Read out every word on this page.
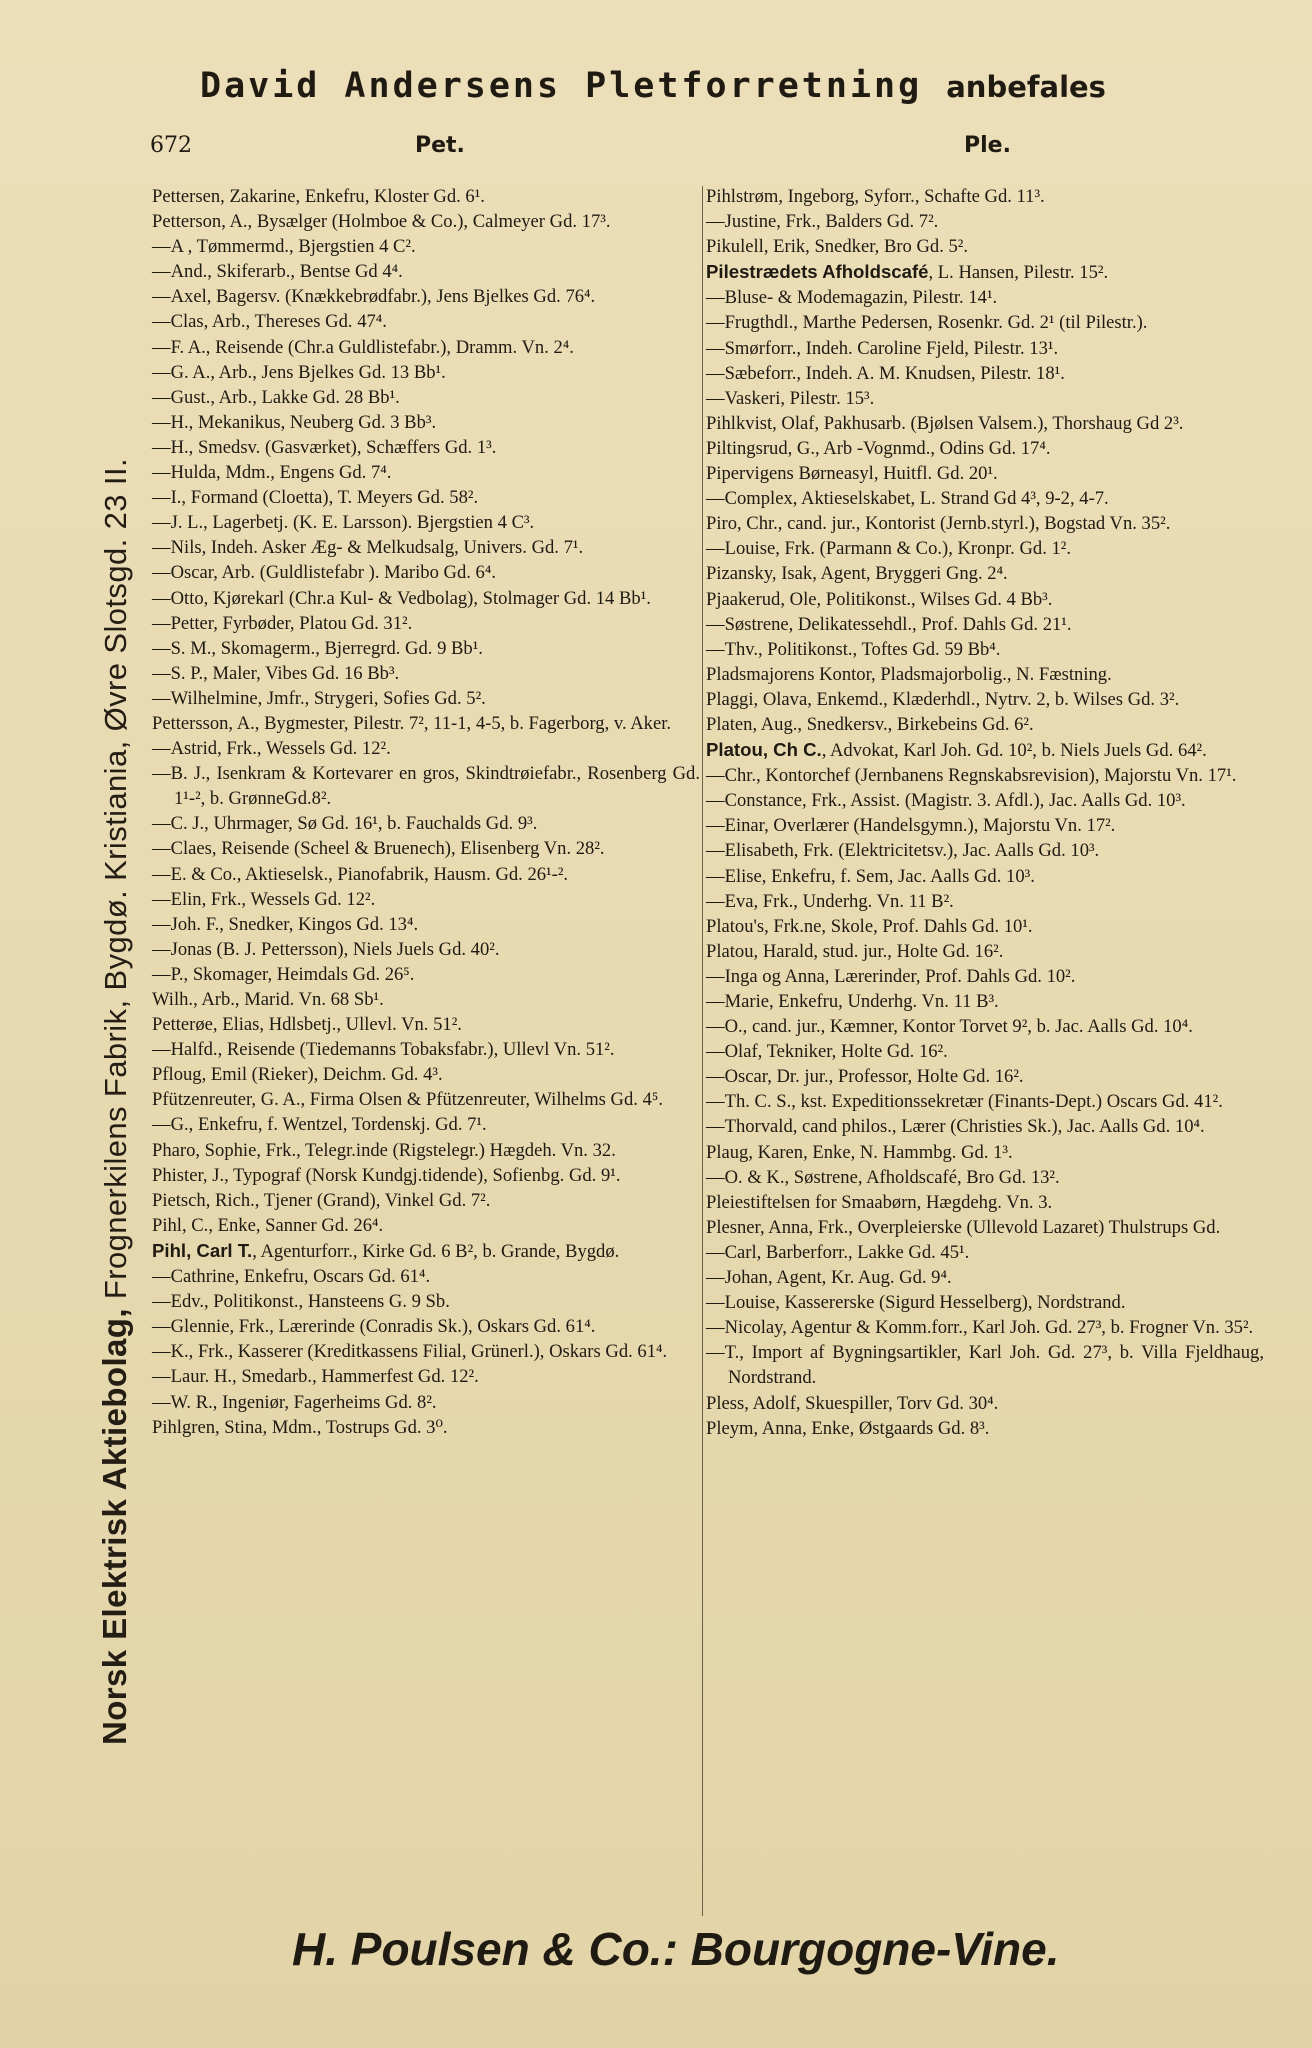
David Andersens Pletforretning anbefales
672	Pet.	Ple.
Norsk Elektrisk Aktiebolag, Frognerkilens Fabrik, Bygdø. Kristiania, Øvre Slotsgd. 23 II.
Pettersen, Zakarine, Enkefru, Kloster Gd. 6¹.
Petterson, A., Bysælger (Holmboe & Co.), Calmeyer Gd. 17³.
—A , Tømmermd., Bjergstien 4 C².
—And., Skiferarb., Bentse Gd 4⁴.
—Axel, Bagersv. (Knækkebrødfabr.), Jens Bjelkes Gd. 76⁴.
—Clas, Arb., Thereses Gd. 47⁴.
—F. A., Reisende (Chr.a Guldlistefabr.), Dramm. Vn. 2⁴.
—G. A., Arb., Jens Bjelkes Gd. 13 Bb¹.
—Gust., Arb., Lakke Gd. 28 Bb¹.
—H., Mekanikus, Neuberg Gd. 3 Bb³.
—H., Smedsv. (Gasværket), Schæffers Gd. 1³.
—Hulda, Mdm., Engens Gd. 7⁴.
—I., Formand (Cloetta), T. Meyers Gd. 58².
—J. L., Lagerbetj. (K. E. Larsson). Bjergstien 4 C³.
—Nils, Indeh. Asker Æg- & Melkudsalg, Univers. Gd. 7¹.
—Oscar, Arb. (Guldlistefabr ). Maribo Gd. 6⁴.
—Otto, Kjørekarl (Chr.a Kul- & Vedbolag), Stolmager Gd. 14 Bb¹.
—Petter, Fyrbøder, Platou Gd. 31².
—S. M., Skomagerm., Bjerregrd. Gd. 9 Bb¹.
—S. P., Maler, Vibes Gd. 16 Bb³.
—Wilhelmine, Jmfr., Strygeri, Sofies Gd. 5².
Pettersson, A., Bygmester, Pilestr. 7², 11-1, 4-5, b. Fagerborg, v. Aker.
—Astrid, Frk., Wessels Gd. 12².
—B. J., Isenkram & Kortevarer en gros, Skindtrøiefabr., Rosenberg Gd. 1¹-², b. GrønneGd.8².
—C. J., Uhrmager, Sø Gd. 16¹, b. Fauchalds Gd. 9³.
—Claes, Reisende (Scheel & Bruenech), Elisenberg Vn. 28².
—E. & Co., Aktieselsk., Pianofabrik, Hausm. Gd. 26¹-².
—Elin, Frk., Wessels Gd. 12².
—Joh. F., Snedker, Kingos Gd. 13⁴.
—Jonas (B. J. Pettersson), Niels Juels Gd. 40².
—P., Skomager, Heimdals Gd. 26⁵.
Wilh., Arb., Marid. Vn. 68 Sb¹.
Petterøe, Elias, Hdlsbetj., Ullevl. Vn. 51².
—Halfd., Reisende (Tiedemanns Tobaksfabr.), Ullevl Vn. 51².
Pfloug, Emil (Rieker), Deichm. Gd. 4³.
Pfützenreuter, G. A., Firma Olsen & Pfützenreuter, Wilhelms Gd. 4⁵.
—G., Enkefru, f. Wentzel, Tordenskj. Gd. 7¹.
Pharo, Sophie, Frk., Telegr.inde (Rigstelegr.) Hægdeh. Vn. 32.
Phister, J., Typograf (Norsk Kundgj.tidende), Sofienbg. Gd. 9¹.
Pietsch, Rich., Tjener (Grand), Vinkel Gd. 7².
Pihl, C., Enke, Sanner Gd. 26⁴.
Pihl, Carl T., Agenturforr., Kirke Gd. 6 B², b. Grande, Bygdø.
—Cathrine, Enkefru, Oscars Gd. 61⁴.
—Edv., Politikonst., Hansteens G. 9 Sb.
—Glennie, Frk., Lærerinde (Conradis Sk.), Oskars Gd. 61⁴.
—K., Frk., Kasserer (Kreditkassens Filial, Grünerl.), Oskars Gd. 61⁴.
—Laur. H., Smedarb., Hammerfest Gd. 12².
—W. R., Ingeniør, Fagerheims Gd. 8².
Pihlgren, Stina, Mdm., Tostrups Gd. 3⁰.
Pihlstrøm, Ingeborg, Syforr., Schafte Gd. 11³.
—Justine, Frk., Balders Gd. 7².
Pikulell, Erik, Snedker, Bro Gd. 5².
Pilestrædets Afholdscafé, L. Hansen, Pilestr. 15².
—Bluse- & Modemagazin, Pilestr. 14¹.
—Frugthdl., Marthe Pedersen, Rosenkr. Gd. 2¹ (til Pilestr.).
—Smørforr., Indeh. Caroline Fjeld, Pilestr. 13¹.
—Sæbeforr., Indeh. A. M. Knudsen, Pilestr. 18¹.
—Vaskeri, Pilestr. 15³.
Pihlkvist, Olaf, Pakhusarb. (Bjølsen Valsem.), Thorshaug Gd 2³.
Piltingsrud, G., Arb -Vognmd., Odins Gd. 17⁴.
Pipervigens Børneasyl, Huitfl. Gd. 20¹.
—Complex, Aktieselskabet, L. Strand Gd 4³, 9-2, 4-7.
Piro, Chr., cand. jur., Kontorist (Jernb.styrl.), Bogstad Vn. 35².
—Louise, Frk. (Parmann & Co.), Kronpr. Gd. 1².
Pizansky, Isak, Agent, Bryggeri Gng. 2⁴.
Pjaakerud, Ole, Politikonst., Wilses Gd. 4 Bb³.
—Søstrene, Delikatessehdl., Prof. Dahls Gd. 21¹.
—Thv., Politikonst., Toftes Gd. 59 Bb⁴.
Pladsmajorens Kontor, Pladsmajorbolig., N. Fæstning.
Plaggi, Olava, Enkemd., Klæderhdl., Nytrv. 2, b. Wilses Gd. 3².
Platen, Aug., Snedkersv., Birkebeins Gd. 6².
Platou, Ch C., Advokat, Karl Joh. Gd. 10², b. Niels Juels Gd. 64².
—Chr., Kontorchef (Jernbanens Regnskabsrevision), Majorstu Vn. 17¹.
—Constance, Frk., Assist. (Magistr. 3. Afdl.), Jac. Aalls Gd. 10³.
—Einar, Overlærer (Handelsgymn.), Majorstu Vn. 17².
—Elisabeth, Frk. (Elektricitetsv.), Jac. Aalls Gd. 10³.
—Elise, Enkefru, f. Sem, Jac. Aalls Gd. 10³.
—Eva, Frk., Underhg. Vn. 11 B².
Platou's, Frk.ne, Skole, Prof. Dahls Gd. 10¹.
Platou, Harald, stud. jur., Holte Gd. 16².
—Inga og Anna, Lærerinder, Prof. Dahls Gd. 10².
—Marie, Enkefru, Underhg. Vn. 11 B³.
—O., cand. jur., Kæmner, Kontor Torvet 9², b. Jac. Aalls Gd. 10⁴.
—Olaf, Tekniker, Holte Gd. 16².
—Oscar, Dr. jur., Professor, Holte Gd. 16².
—Th. C. S., kst. Expeditionssekretær (Finants-Dept.) Oscars Gd. 41².
—Thorvald, cand philos., Lærer (Christies Sk.), Jac. Aalls Gd. 10⁴.
Plaug, Karen, Enke, N. Hammbg. Gd. 1³.
—O. & K., Søstrene, Afholdscafé, Bro Gd. 13².
Pleiestiftelsen for Smaabørn, Hægdehg. Vn. 3.
Plesner, Anna, Frk., Overpleierske (Ullevold Lazaret) Thulstrups Gd.
—Carl, Barberforr., Lakke Gd. 45¹.
—Johan, Agent, Kr. Aug. Gd. 9⁴.
—Louise, Kassererske (Sigurd Hesselberg), Nordstrand.
—Nicolay, Agentur & Komm.forr., Karl Joh. Gd. 27³, b. Frogner Vn. 35².
—T., Import af Bygningsartikler, Karl Joh. Gd. 27³, b. Villa Fjeldhaug, Nordstrand.
Pless, Adolf, Skuespiller, Torv Gd. 30⁴.
Pleym, Anna, Enke, Østgaards Gd. 8³.
H. Poulsen & Co.: Bourgogne-Vine.
